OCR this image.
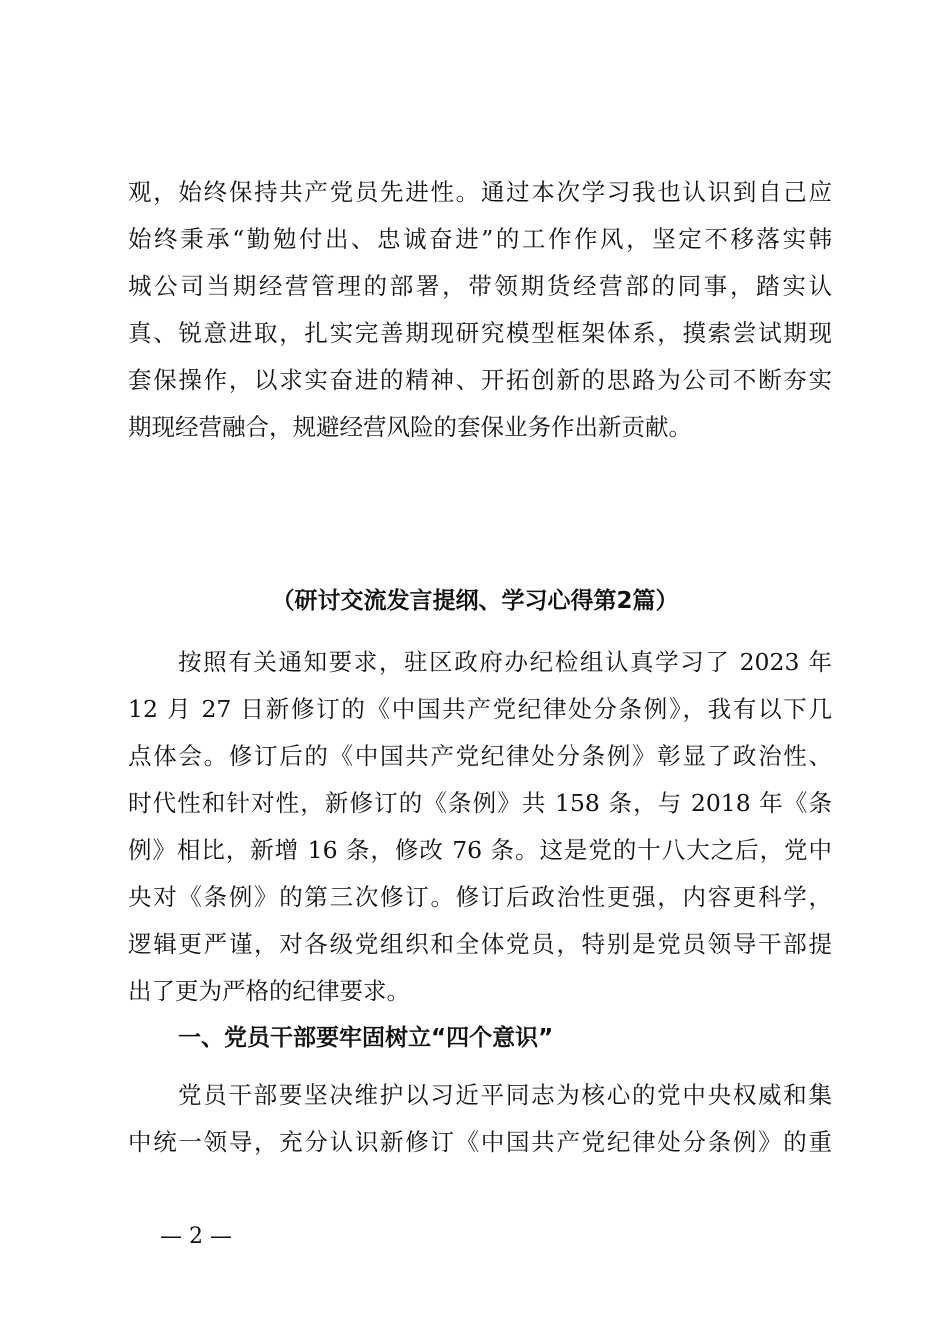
观，始终保持共产党员先进性。通过本次学习我也认识到自己应
始终秉承“勤勉付出、忠诚奋进”的工作作风，坚定不移落实韩
城公司当期经营管理的部署，带领期货经营部的同事，踏实认
真、锐意进取，扎实完善期现研究模型框架体系，摸索尝试期现
套保操作，以求实奋进的精神、开拓创新的思路为公司不断夯实
期现经营融合，规避经营风险的套保业务作出新贡献。
（研讨交流发言提纲、学习心得第2篇）
按照有关通知要求，驻区政府办纪检组认真学习了 2023 年
12 月 27 日新修订的《中国共产党纪律处分条例》，我有以下几
点体会。修订后的《中国共产党纪律处分条例》彰显了政治性、
时代性和针对性，新修订的《条例》共 158 条，与 2018 年《条
例》相比，新增 16 条，修改 76 条。这是党的十八大之后，党中
央对《条例》的第三次修订。修订后政治性更强，内容更科学，
逻辑更严谨，对各级党组织和全体党员，特别是党员领导干部提
出了更为严格的纪律要求。
一、党员干部要牢固树立“四个意识”
党员干部要坚决维护以习近平同志为核心的党中央权威和集
中统一领导，充分认识新修订《中国共产党纪律处分条例》的重
— 2 —
